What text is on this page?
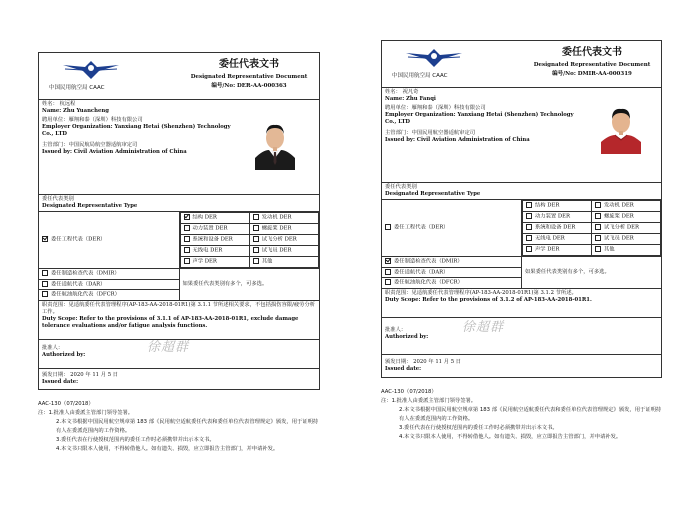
中国民用航空局 CAAC
委任代表文书
Designated Representative Document
编号/No: DER-AA-000363

姓名： 杭远程
Name: Zhu Yuancheng
聘用单位：雁翔和泰（深圳）科技有限公司
Employer Organization: Yanxiang Hetai (Shenzhen) Technology Co., LTD
主管部门：中国民航局航空器适航审定司
Issued by: Civil Aviation Administration of China

委任代表类别
Designated Representative Type

委任工程代表（DER）	
结构 DER	发动机 DER
动力装置 DER	螺旋桨 DER
系统和设备 DER	试飞分析 DER
无线电 DER	试飞员 DER
声学 DER	其他

委任制造检查代表（DMIR）
委任适航代表（DAR）
委任航油航化代表（DFCR）
	如果委任代表类别有多个，可多选。

职责范围：见适航委任代表管理程序(AP-183-AA-2018-01R1)第 3.1.1 节所述相关要求，不包括损伤容限/疲劳分析工作。
Duty Scope: Refer to the provisions of 3.1.1 of AP-183-AA-2018-01R1, exclude damage tolerance evaluations and/or fatigue analysis functions.

批准人：
Authorized by:	徐超群

颁发日期： 2020 年 11 月 5 日
Issued date:
AAC-130（07/2018）
注：1.批准人由委派主管部门领导签署。
2.本文书根据中国民用航空规章第 183 部《民用航空适航委任代表和委任单位代表管理规定》颁发，用于证明持有人在委派范围内的工作资格。
3.委任代表在行使授权范围内的委任工作时必须携带并出示本文书。
4.本文书只限本人使用，不得转借他人。如有遗失、损毁，应立即报告主管部门，并申请补发。
中国民用航空局 CAAC
委任代表文书
Designated Representative Document
编号/No: DMIR-AA-000319

姓名： 祝凡奇
Name: Zhu Fanqi
聘用单位：雁翔和泰（深圳）科技有限公司
Employer Organization: Yanxiang Hetai (Shenzhen) Technology Co., LTD
主管部门：中国民用航空器适航审定司
Issued by: Civil Aviation Administration of China

委任代表类别
Designated Representative Type

委任工程代表（DER）	
结构 DER	发动机 DER
动力装置 DER	螺旋桨 DER
系统和设备 DER	试飞分析 DER
无线电 DER	试飞员 DER
声学 DER	其他

委任制造检查代表（DMIR）
委任适航代表（DAR）
委任航油航化代表（DFCR）
	如果委任代表类别有多个，可多选。

职责范围：见适航委任代表管理程序(AP-183-AA-2018-01R1)第 3.1.2 节所述。
Duty Scope: Refer to the provisions of 3.1.2 of AP-183-AA-2018-01R1.

批准人：
Authorized by:
徐超群

颁发日期： 2020 年 11 月 5 日
Issued date:
AAC-130（07/2018）
注：1.批准人由委派主管部门领导签署。
2.本文书根据中国民用航空规章第 183 部《民用航空适航委任代表和委任单位代表管理规定》颁发，用于证明持有人在委派范围内的工作资格。
3.委任代表在行使授权范围内的委任工作时必须携带并出示本文书。
4.本文书只限本人使用，不得转借他人。如有遗失、损毁，应立即报告主管部门，并申请补发。
